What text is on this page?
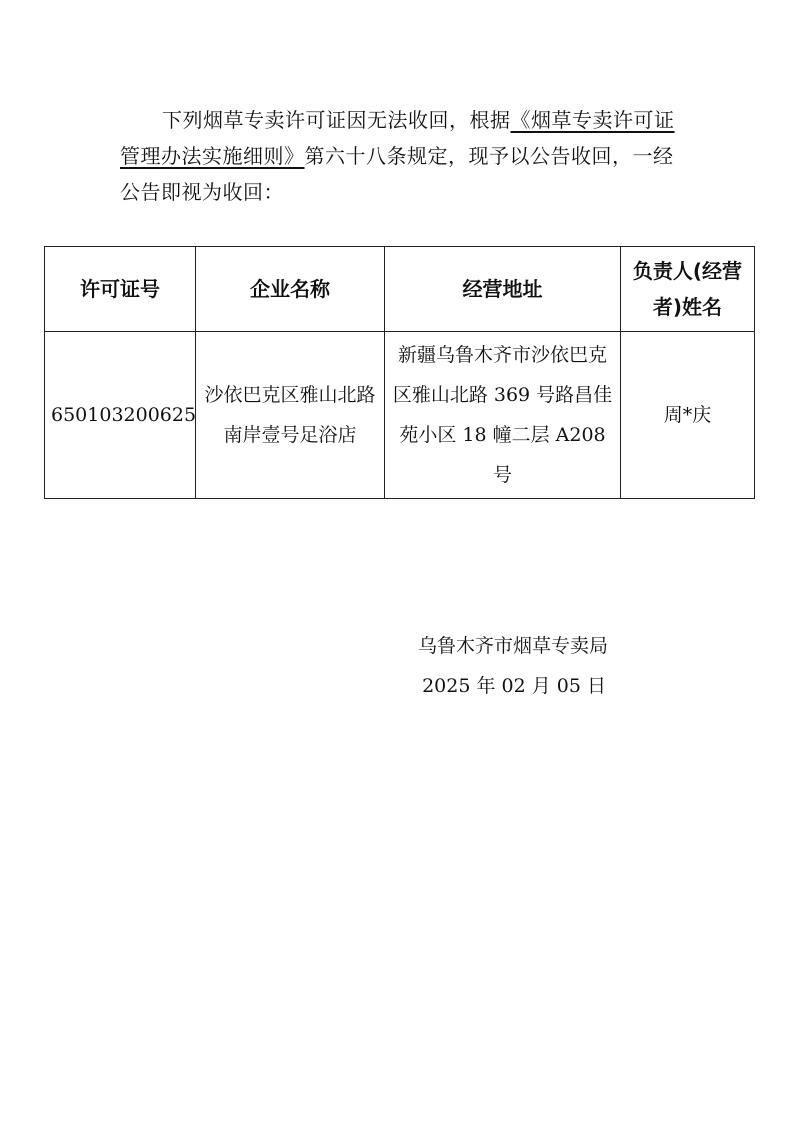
下列烟草专卖许可证因无法收回，根据《烟草专卖许可证管理办法实施细则》第六十八条规定，现予以公告收回，一经公告即视为收回：

许可证号	企业名称	经营地址	负责人(经营者)姓名
650103200625	沙依巴克区雅山北路南岸壹号足浴店	新疆乌鲁木齐市沙依巴克区雅山北路 369 号路昌佳苑小区 18 幢二层 A208 号	周*庆
乌鲁木齐市烟草专卖局
2025 年 02 月 05 日
